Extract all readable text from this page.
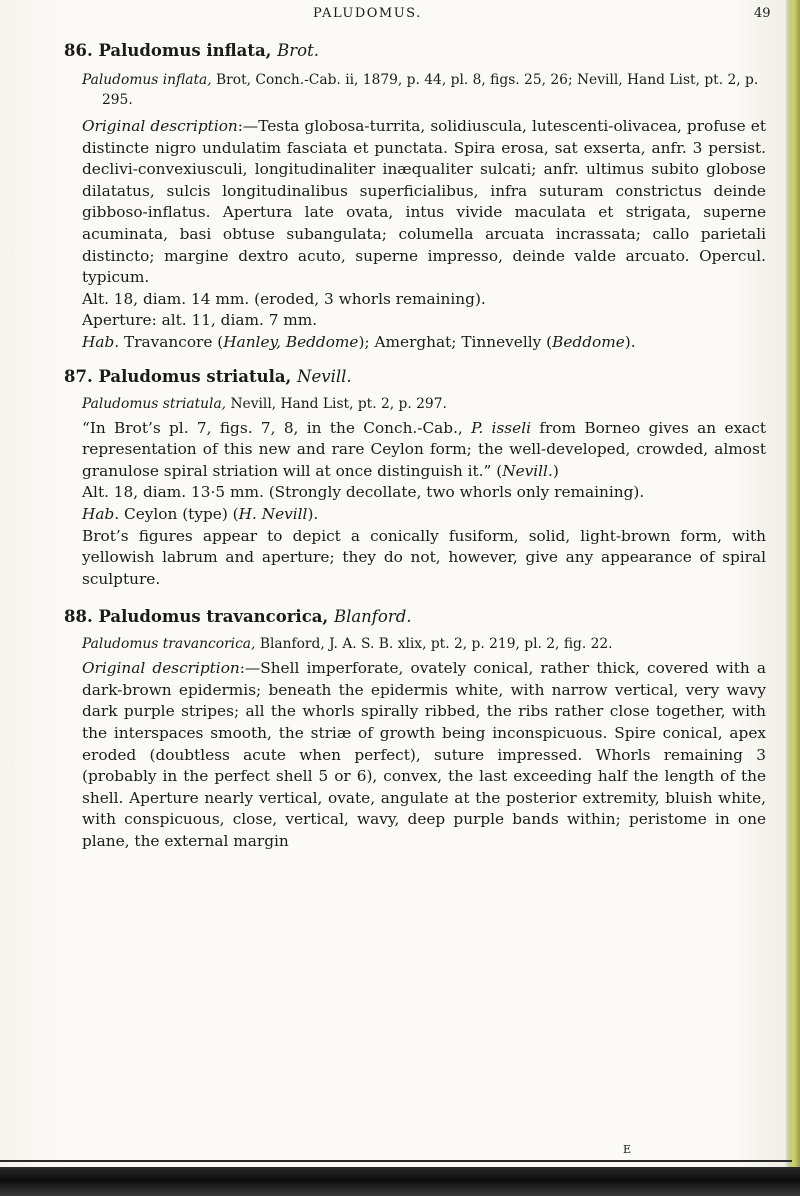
PALUDOMUS.	49

86. Paludomus inflata, Brot.

Paludomus inflata, Brot, Conch.-Cab. ii, 1879, p. 44, pl. 8, figs. 25, 26; Nevill, Hand List, pt. 2, p. 295.

Original description:—Testa globosa-turrita, solidiuscula, lutescenti-olivacea, profuse et distincte nigro undulatim fasciata et punctata. Spira erosa, sat exserta, anfr. 3 persist. declivi-convexiusculi, longitudinaliter inæqualiter sulcati; anfr. ultimus subito globose dilatatus, sulcis longitudinalibus superficialibus, infra suturam constrictus deinde gibboso-inflatus. Apertura late ovata, intus vivide maculata et strigata, superne acuminata, basi obtuse subangulata; columella arcuata incrassata; callo parietali distincto; margine dextro acuto, superne impresso, deinde valde arcuato. Opercul. typicum.

Alt. 18, diam. 14 mm. (eroded, 3 whorls remaining).

Aperture: alt. 11, diam. 7 mm.

Hab. Travancore (Hanley, Beddome); Amerghat; Tinnevelly (Beddome).

87. Paludomus striatula, Nevill.

Paludomus striatula, Nevill, Hand List, pt. 2, p. 297.

“In Brot’s pl. 7, figs. 7, 8, in the Conch.-Cab., P. isseli from Borneo gives an exact representation of this new and rare Ceylon form; the well-developed, crowded, almost granulose spiral striation will at once distinguish it.” (Nevill.)

Alt. 18, diam. 13·5 mm. (Strongly decollate, two whorls only remaining).

Hab. Ceylon (type) (H. Nevill).

Brot’s figures appear to depict a conically fusiform, solid, light-brown form, with yellowish labrum and aperture; they do not, however, give any appearance of spiral sculpture.

88. Paludomus travancorica, Blanford.

Paludomus travancorica, Blanford, J. A. S. B. xlix, pt. 2, p. 219, pl. 2, fig. 22.

Original description:—Shell imperforate, ovately conical, rather thick, covered with a dark-brown epidermis; beneath the epidermis white, with narrow vertical, very wavy dark purple stripes; all the whorls spirally ribbed, the ribs rather close together, with the interspaces smooth, the striæ of growth being inconspicuous. Spire conical, apex eroded (doubtless acute when perfect), suture impressed. Whorls remaining 3 (probably in the perfect shell 5 or 6), convex, the last exceeding half the length of the shell. Aperture nearly vertical, ovate, angulate at the posterior extremity, bluish white, with conspicuous, close, vertical, wavy, deep purple bands within; peristome in one plane, the external margin

E
